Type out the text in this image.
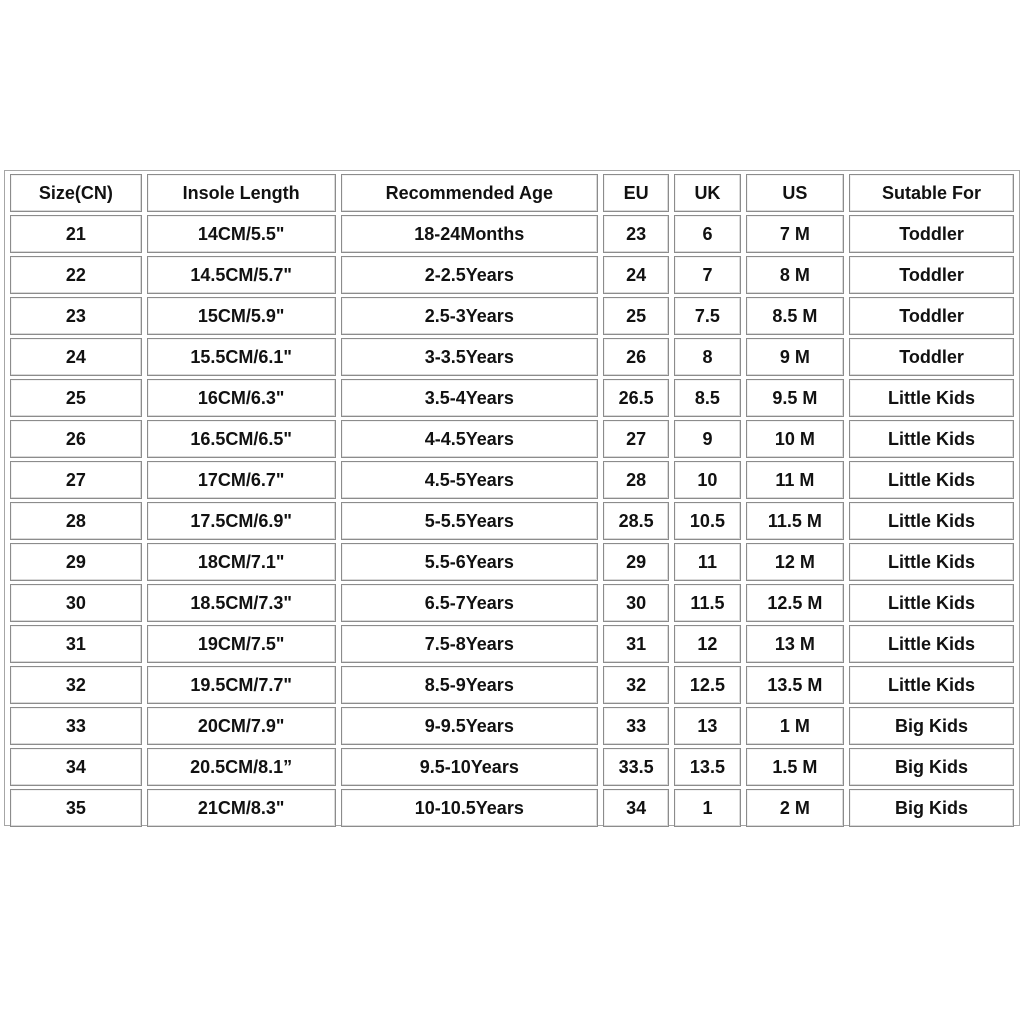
Size(CN)	Insole Length	Recommended Age	EU	UK	US	Sutable For
21	14CM/5.5"	18-24Months	23	6	7 M	Toddler
22	14.5CM/5.7"	2-2.5Years	24	7	8 M	Toddler
23	15CM/5.9"	2.5-3Years	25	7.5	8.5 M	Toddler
24	15.5CM/6.1"	3-3.5Years	26	8	9 M	Toddler
25	16CM/6.3"	3.5-4Years	26.5	8.5	9.5 M	Little Kids
26	16.5CM/6.5"	4-4.5Years	27	9	10 M	Little Kids
27	17CM/6.7"	4.5-5Years	28	10	11 M	Little Kids
28	17.5CM/6.9"	5-5.5Years	28.5	10.5	11.5 M	Little Kids
29	18CM/7.1"	5.5-6Years	29	11	12 M	Little Kids
30	18.5CM/7.3"	6.5-7Years	30	11.5	12.5 M	Little Kids
31	19CM/7.5"	7.5-8Years	31	12	13 M	Little Kids
32	19.5CM/7.7"	8.5-9Years	32	12.5	13.5 M	Little Kids
33	20CM/7.9"	9-9.5Years	33	13	1 M	Big Kids
34	20.5CM/8.1”	9.5-10Years	33.5	13.5	1.5 M	Big Kids
35	21CM/8.3"	10-10.5Years	34	1	2 M	Big Kids
